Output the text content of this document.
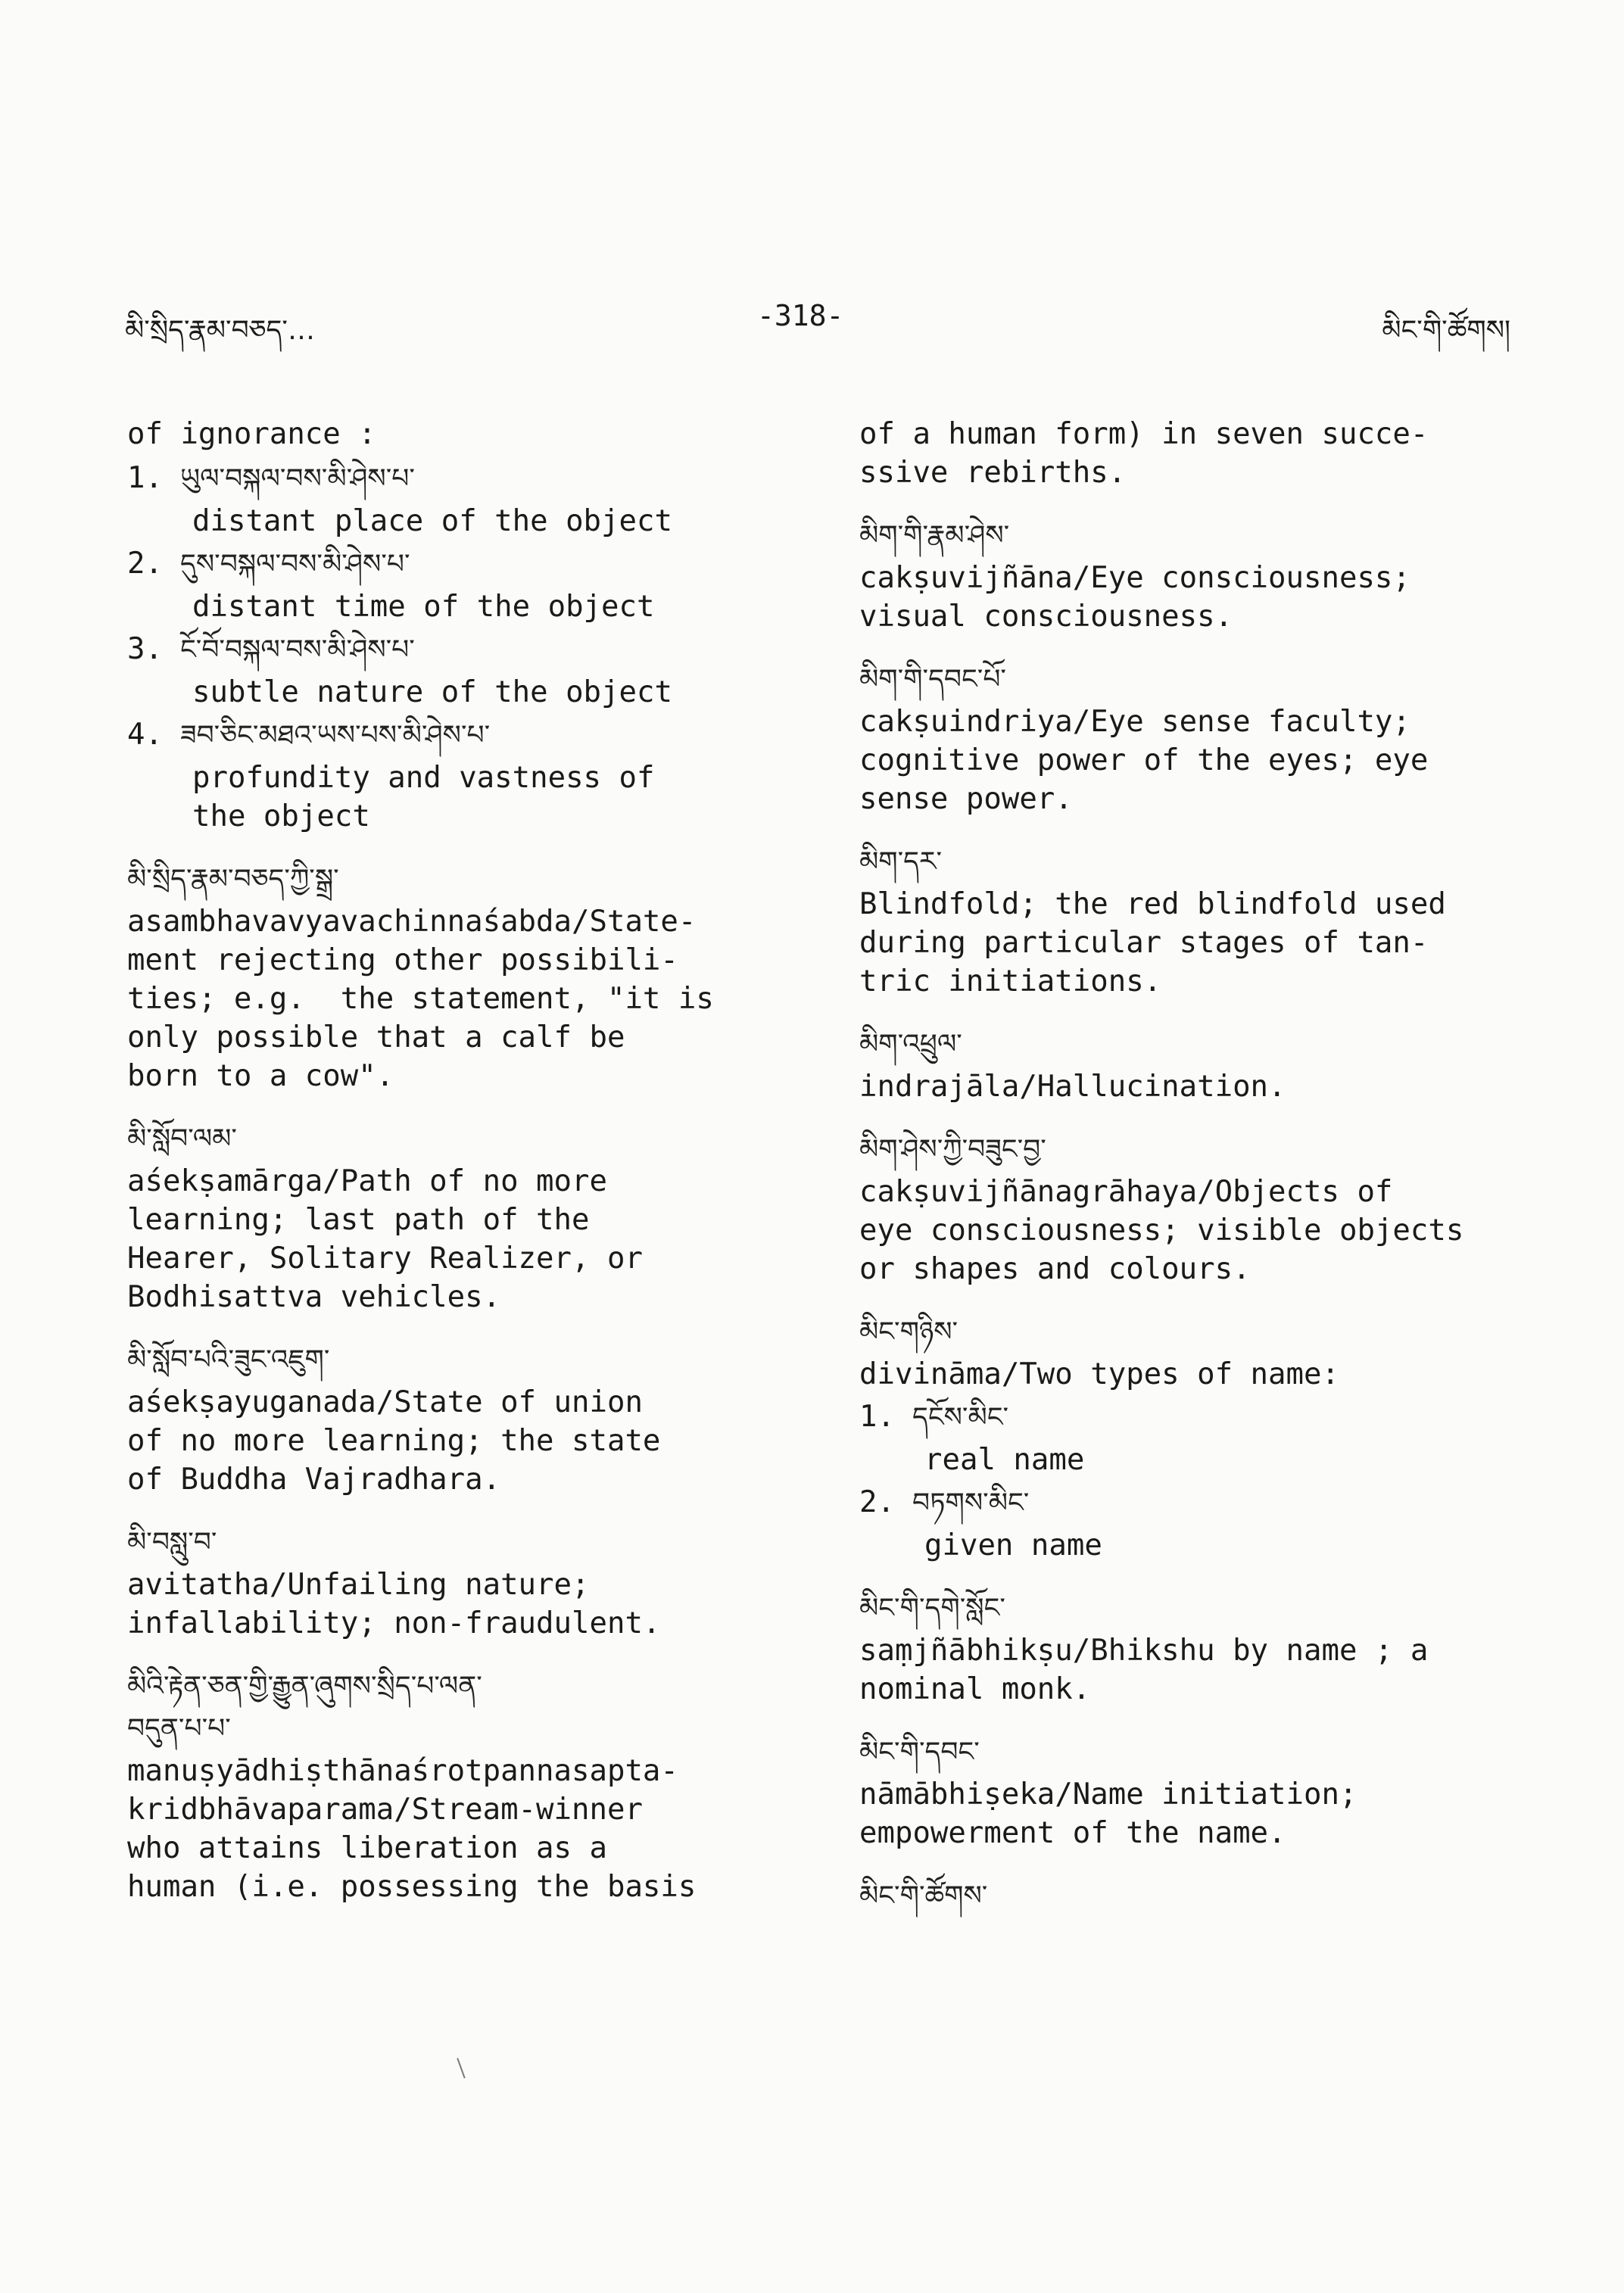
མི་སྲིད་རྣམ་བཅད་…	-318-	མིང་གི་ཚོགས།
of ignorance :
1. ཡུལ་བསྐལ་བས་མི་ཤེས་པ་
distant place of the object
2. དུས་བསྐལ་བས་མི་ཤེས་པ་
distant time of the object
3. ངོ་བོ་བསྐལ་བས་མི་ཤེས་པ་
subtle nature of the object
4. ཟབ་ཅིང་མཐའ་ཡས་པས་མི་ཤེས་པ་
profundity and vastness of
the object
མི་སྲིད་རྣམ་བཅད་ཀྱི་སྒྲ་
asambhavavyavachinnaśabda/State-
ment rejecting other possibili-
ties; e.g.  the statement, "it is
only possible that a calf be
born to a cow".
མི་སློབ་ལམ་
aśekṣamārga/Path of no more
learning; last path of the
Hearer, Solitary Realizer, or
Bodhisattva vehicles.
མི་སློབ་པའི་ཟུང་འཇུག་
aśekṣayuganada/State of union
of no more learning; the state
of Buddha Vajradhara.
མི་བསླུ་བ་
avitatha/Unfailing nature;
infallability; non-fraudulent.
མིའི་རྟེན་ཅན་གྱི་རྒྱུན་ཞུགས་སྲིད་པ་ལན་
བདུན་པ་པ་
manuṣyādhiṣthānaśrotpannasapta-
kridbhāvaparama/Stream-winner
who attains liberation as a
human (i.e. possessing the basis
of a human form) in seven succe-
ssive rebirths.
མིག་གི་རྣམ་ཤེས་
cakṣuvijñāna/Eye consciousness;
visual consciousness.
མིག་གི་དབང་པོ་
cakṣuindriya/Eye sense faculty;
cognitive power of the eyes; eye
sense power.
མིག་དར་
Blindfold; the red blindfold used
during particular stages of tan-
tric initiations.
མིག་འཕྲུལ་
indrajāla/Hallucination.
མིག་ཤེས་ཀྱི་བཟུང་བྱ་
cakṣuvijñānagrāhaya/Objects of
eye consciousness; visible objects
or shapes and colours.
མིང་གཉིས་
divināma/Two types of name:
1. དངོས་མིང་
real name
2. བཏགས་མིང་
given name
མིང་གི་དགེ་སློང་
saṃjñābhikṣu/Bhikshu by name ; a
nominal monk.
མིང་གི་དབང་
nāmābhiṣeka/Name initiation;
empowerment of the name.
མིང་གི་ཚོགས་
